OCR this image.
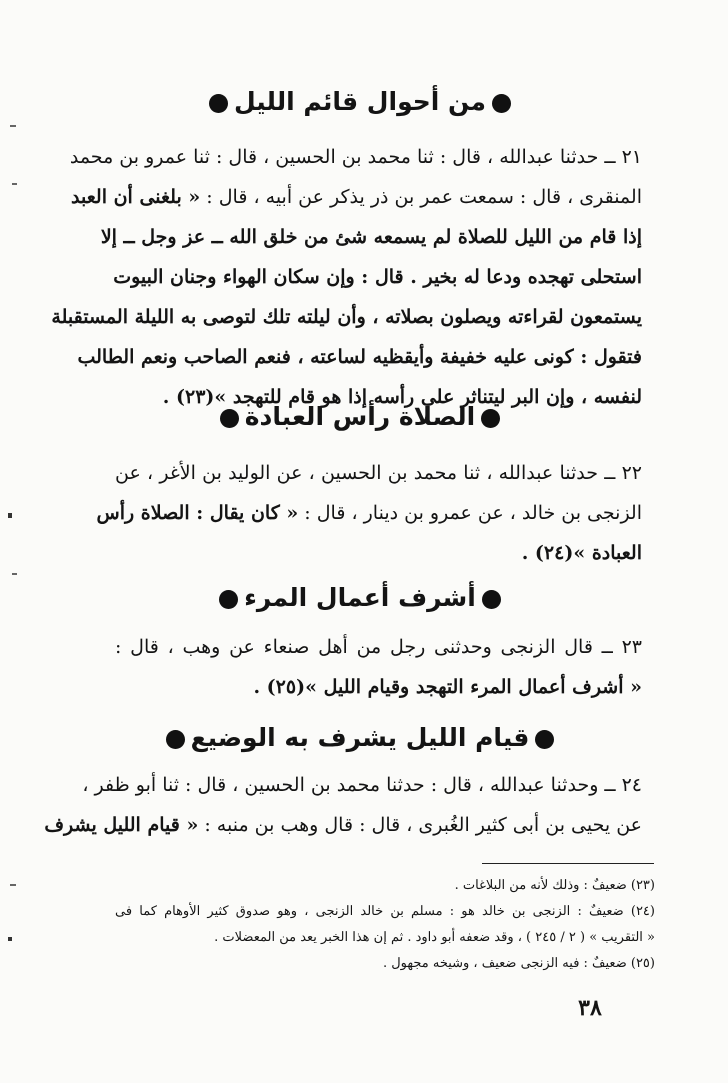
من أحوال قائم الليل
٢١ ــ حدثنا عبدالله ، قال : ثنا محمد بن الحسين ، قال : ثنا عمرو بن محمد
المنقرى ، قال : سمعت عمر بن ذر يذكر عن أبيه ، قال : « بلغنى أن العبد
إذا قام من الليل للصلاة لم يسمعه شئ من خلق الله ــ عز وجل ــ إلا
استحلى تهجده ودعا له بخير . قال : وإن سكان الهواء وجنان البيوت
يستمعون لقراءته ويصلون بصلاته ، وأن ليلته تلك لتوصى به الليلة المستقبلة
فتقول : كونى عليه خفيفة وأيقظيه لساعته ، فنعم الصاحب ونعم الطالب
لنفسه ، وإن البر ليتناثر على رأسه إذا هو قام للتهجد »(٢٣) .
الصلاة رأس العبادة
٢٢ ــ حدثنا عبدالله ، ثنا محمد بن الحسين ، عن الوليد بن الأغر ، عن
الزنجى بن خالد ، عن عمرو بن دينار ، قال : « كان يقال : الصلاة رأس
العبادة »(٢٤) .
أشرف أعمال المرء
٢٣ ــ قال الزنجى وحدثنى رجل من أهل صنعاء عن وهب ، قال :
« أشرف أعمال المرء التهجد وقيام الليل »(٢٥) .
قيام الليل يشرف به الوضيع
٢٤ ــ وحدثنا عبدالله ، قال : حدثنا محمد بن الحسين ، قال : ثنا أبو ظفر ،
عن يحيى بن أبى كثير الغُبرى ، قال : قال وهب بن منبه : « قيام الليل يشرف
(٢٣) ضعيفٌ : وذلك لأنه من البلاغات .
(٢٤) ضعيفٌ : الزنجى بن خالد هو : مسلم بن خالد الزنجى ، وهو صدوق كثير الأوهام كما فى
« التقريب » ( ٢ / ٢٤٥ ) ، وقد ضعفه أبو داود . ثم إن هذا الخبر يعد من المعضلات .
(٢٥) ضعيفٌ : فيه الزنجى ضعيف ، وشيخه مجهول .
٣٨
